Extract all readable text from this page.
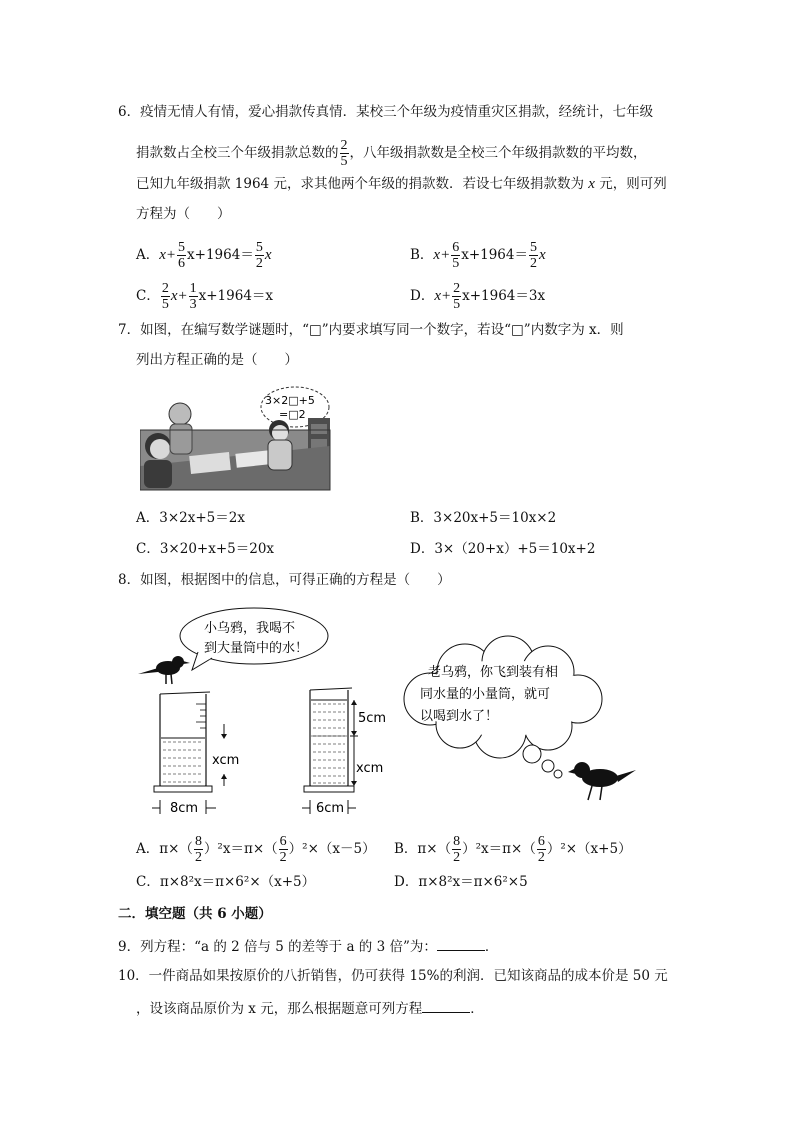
6．疫情无情人有情，爱心捐款传真情．某校三个年级为疫情重灾区捐款，经统计，七年级
捐款数占全校三个年级捐款总数的 $\frac{2}{5}$ ，八年级捐款数是全校三个年级捐款数的平均数，
已知九年级捐款 1964 元，求其他两个年级的捐款数．若设七年级捐款数为 x 元，则可列
方程为（　　）
A．$x+ \frac{5}{6} x+1964= \frac{5}{2}$ x	B．$x+ \frac{6}{5} x+1964= \frac{5}{2}$ x
C． $\frac{2}{5} x+ \frac{1}{3} x+1964=x$	D．$x+ \frac{2}{5} x+1964=3x$
7．如图，在编写数学谜题时，“□”内要求填写同一个数字，若设“□”内数字为 x．则
列出方程正确的是（　　）
3×2□+5
=□2
A．3×2x+5＝2x	B．3×20x+5＝10x×2
C．3×20+x+5＝20x	D．3×（20+x）+5＝10x+2
8．如图，根据图中的信息，可得正确的方程是（　　）
小乌鸦，我喝不
到大量筒中的水！
老乌鸦，你飞到装有相
同水量的小量筒，就可
以喝到水了！
xcm
8cm
5cm
xcm
6cm
A．$\pi\times( \frac{8}{2} )^2x=\pi\times( \frac{6}{2} )^2\times(x-5)$ B．$\pi\times( \frac{8}{2} )^2x=\pi\times( \frac{6}{2} )^2\times(x+5)$
C．π×8²x＝π×6²×（x+5）	D．π×8²x＝π×6²×5
二．填空题（共 6 小题）
9．列方程：“a 的 2 倍与 5 的差等于 a 的 3 倍”为：	．
10．一件商品如果按原价的八折销售，仍可获得 15%的利润．已知该商品的成本价是 50 元
，设该商品原价为 x 元，那么根据题意可列方程	．
